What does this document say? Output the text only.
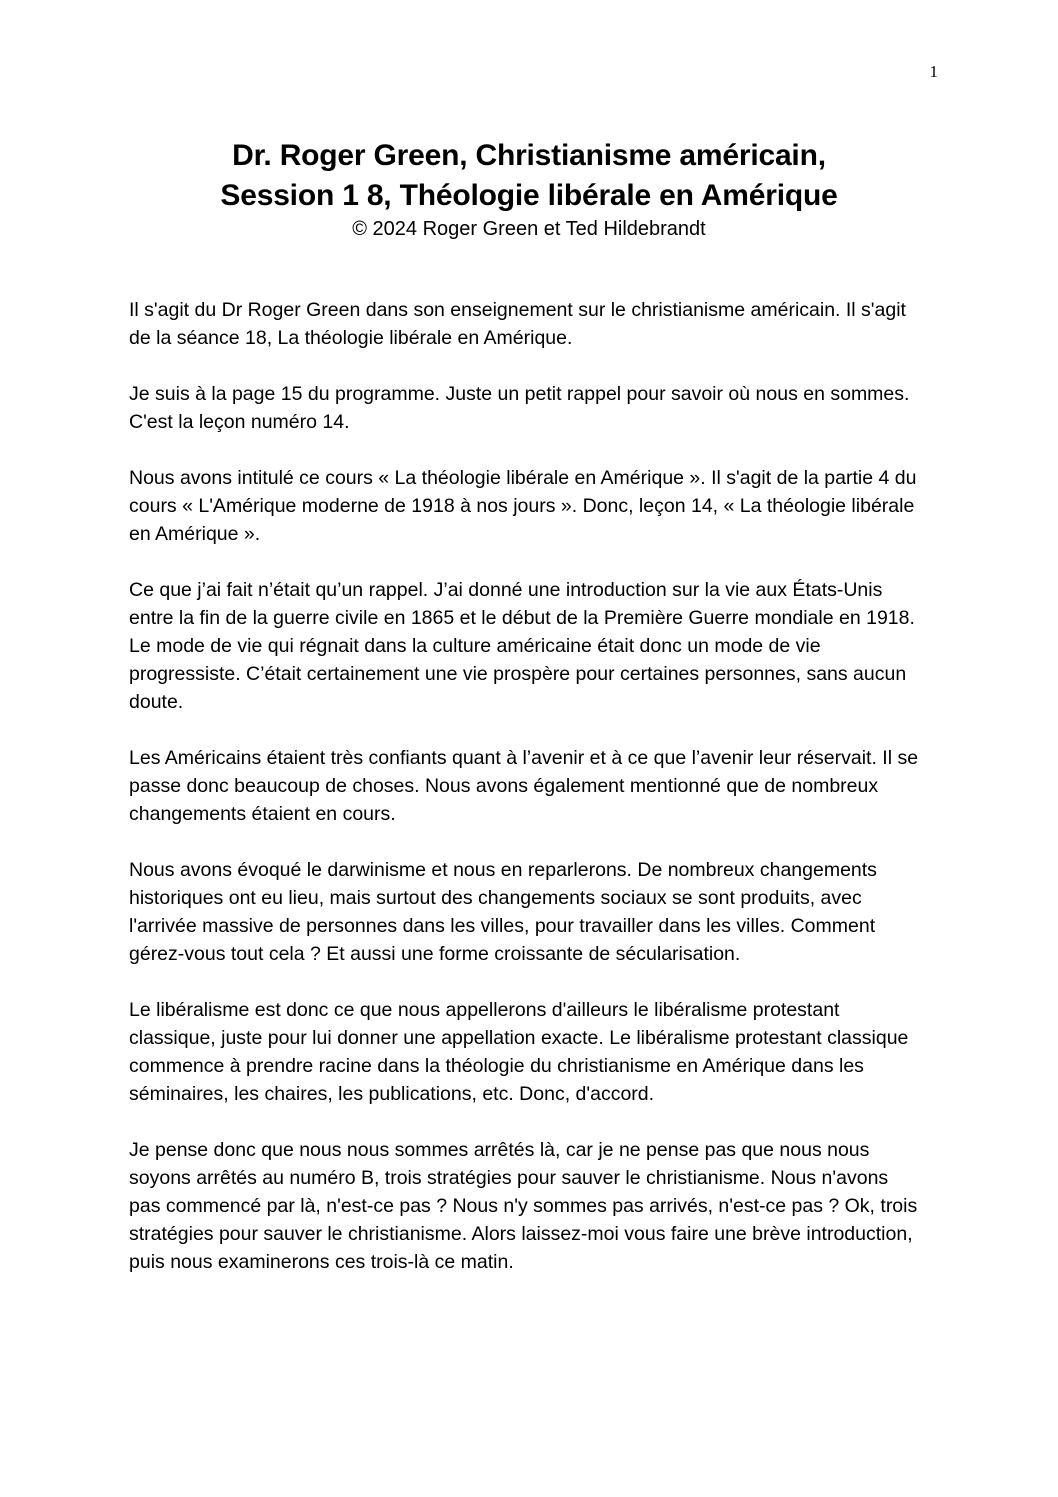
1
Dr. Roger Green, Christianisme américain,
Session 1 8, Théologie libérale en Amérique
© 2024 Roger Green et Ted Hildebrandt

Il s'agit du Dr Roger Green dans son enseignement sur le christianisme américain. Il s'agit de la séance 18, La théologie libérale en Amérique.

Je suis à la page 15 du programme. Juste un petit rappel pour savoir où nous en sommes. C'est la leçon numéro 14.

Nous avons intitulé ce cours « La théologie libérale en Amérique ». Il s'agit de la partie 4 du cours « L'Amérique moderne de 1918 à nos jours ». Donc, leçon 14, « La théologie libérale en Amérique ».

Ce que j’ai fait n’était qu’un rappel. J’ai donné une introduction sur la vie aux États-Unis entre la fin de la guerre civile en 1865 et le début de la Première Guerre mondiale en 1918. Le mode de vie qui régnait dans la culture américaine était donc un mode de vie progressiste. C’était certainement une vie prospère pour certaines personnes, sans aucun doute.

Les Américains étaient très confiants quant à l’avenir et à ce que l’avenir leur réservait. Il se passe donc beaucoup de choses. Nous avons également mentionné que de nombreux changements étaient en cours.

Nous avons évoqué le darwinisme et nous en reparlerons. De nombreux changements historiques ont eu lieu, mais surtout des changements sociaux se sont produits, avec l'arrivée massive de personnes dans les villes, pour travailler dans les villes. Comment gérez-vous tout cela ? Et aussi une forme croissante de sécularisation.

Le libéralisme est donc ce que nous appellerons d'ailleurs le libéralisme protestant classique, juste pour lui donner une appellation exacte. Le libéralisme protestant classique commence à prendre racine dans la théologie du christianisme en Amérique dans les séminaires, les chaires, les publications, etc. Donc, d'accord.

Je pense donc que nous nous sommes arrêtés là, car je ne pense pas que nous nous soyons arrêtés au numéro B, trois stratégies pour sauver le christianisme. Nous n'avons pas commencé par là, n'est-ce pas ? Nous n'y sommes pas arrivés, n'est-ce pas ? Ok, trois stratégies pour sauver le christianisme. Alors laissez-moi vous faire une brève introduction, puis nous examinerons ces trois-là ce matin.
